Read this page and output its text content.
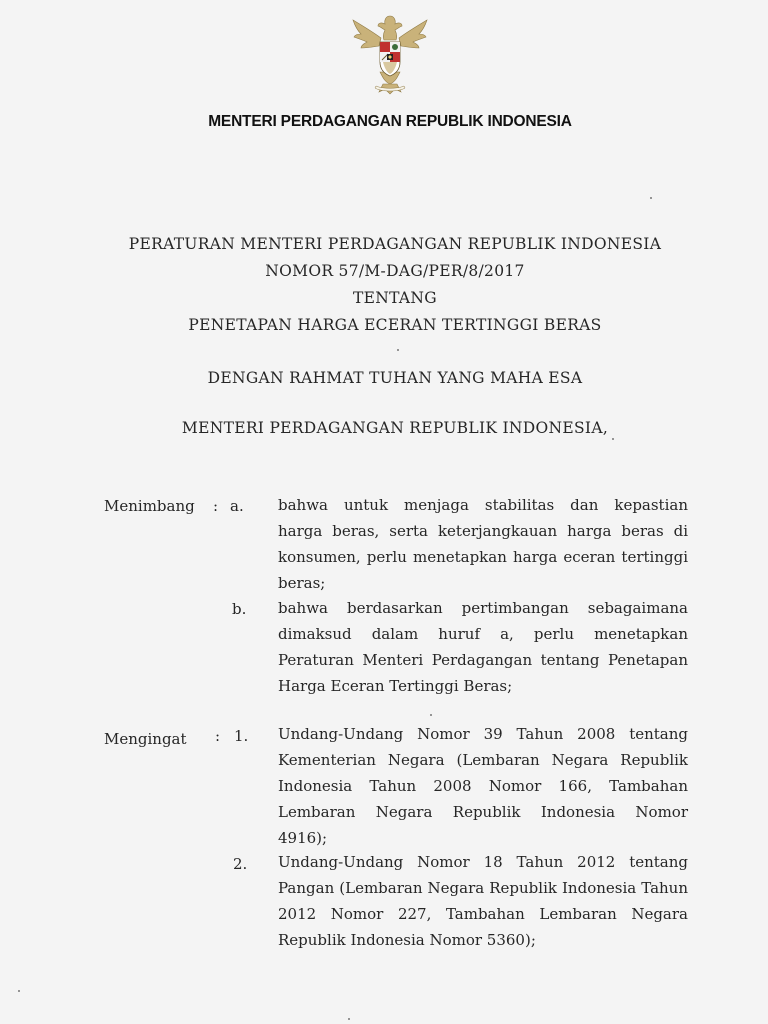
MENTERI PERDAGANGAN REPUBLIK INDONESIA
PERATURAN MENTERI PERDAGANGAN REPUBLIK INDONESIA
NOMOR 57/M-DAG/PER/8/2017
TENTANG
PENETAPAN HARGA ECERAN TERTINGGI BERAS
DENGAN RAHMAT TUHAN YANG MAHA ESA
MENTERI PERDAGANGAN REPUBLIK INDONESIA,
Menimbang : a. bahwa untuk menjaga stabilitas dan kepastian
harga beras, serta keterjangkauan harga beras di
konsumen, perlu menetapkan harga eceran tertinggi
beras;
b. bahwa berdasarkan pertimbangan sebagaimana
dimaksud dalam huruf a, perlu menetapkan
Peraturan Menteri Perdagangan tentang Penetapan
Harga Eceran Tertinggi Beras;
Mengingat : 1. Undang-Undang Nomor 39 Tahun 2008 tentang
Kementerian Negara (Lembaran Negara Republik
Indonesia Tahun 2008 Nomor 166, Tambahan
Lembaran Negara Republik Indonesia Nomor
4916);
2. Undang-Undang Nomor 18 Tahun 2012 tentang
Pangan (Lembaran Negara Republik Indonesia Tahun
2012 Nomor 227, Tambahan Lembaran Negara
Republik Indonesia Nomor 5360);
